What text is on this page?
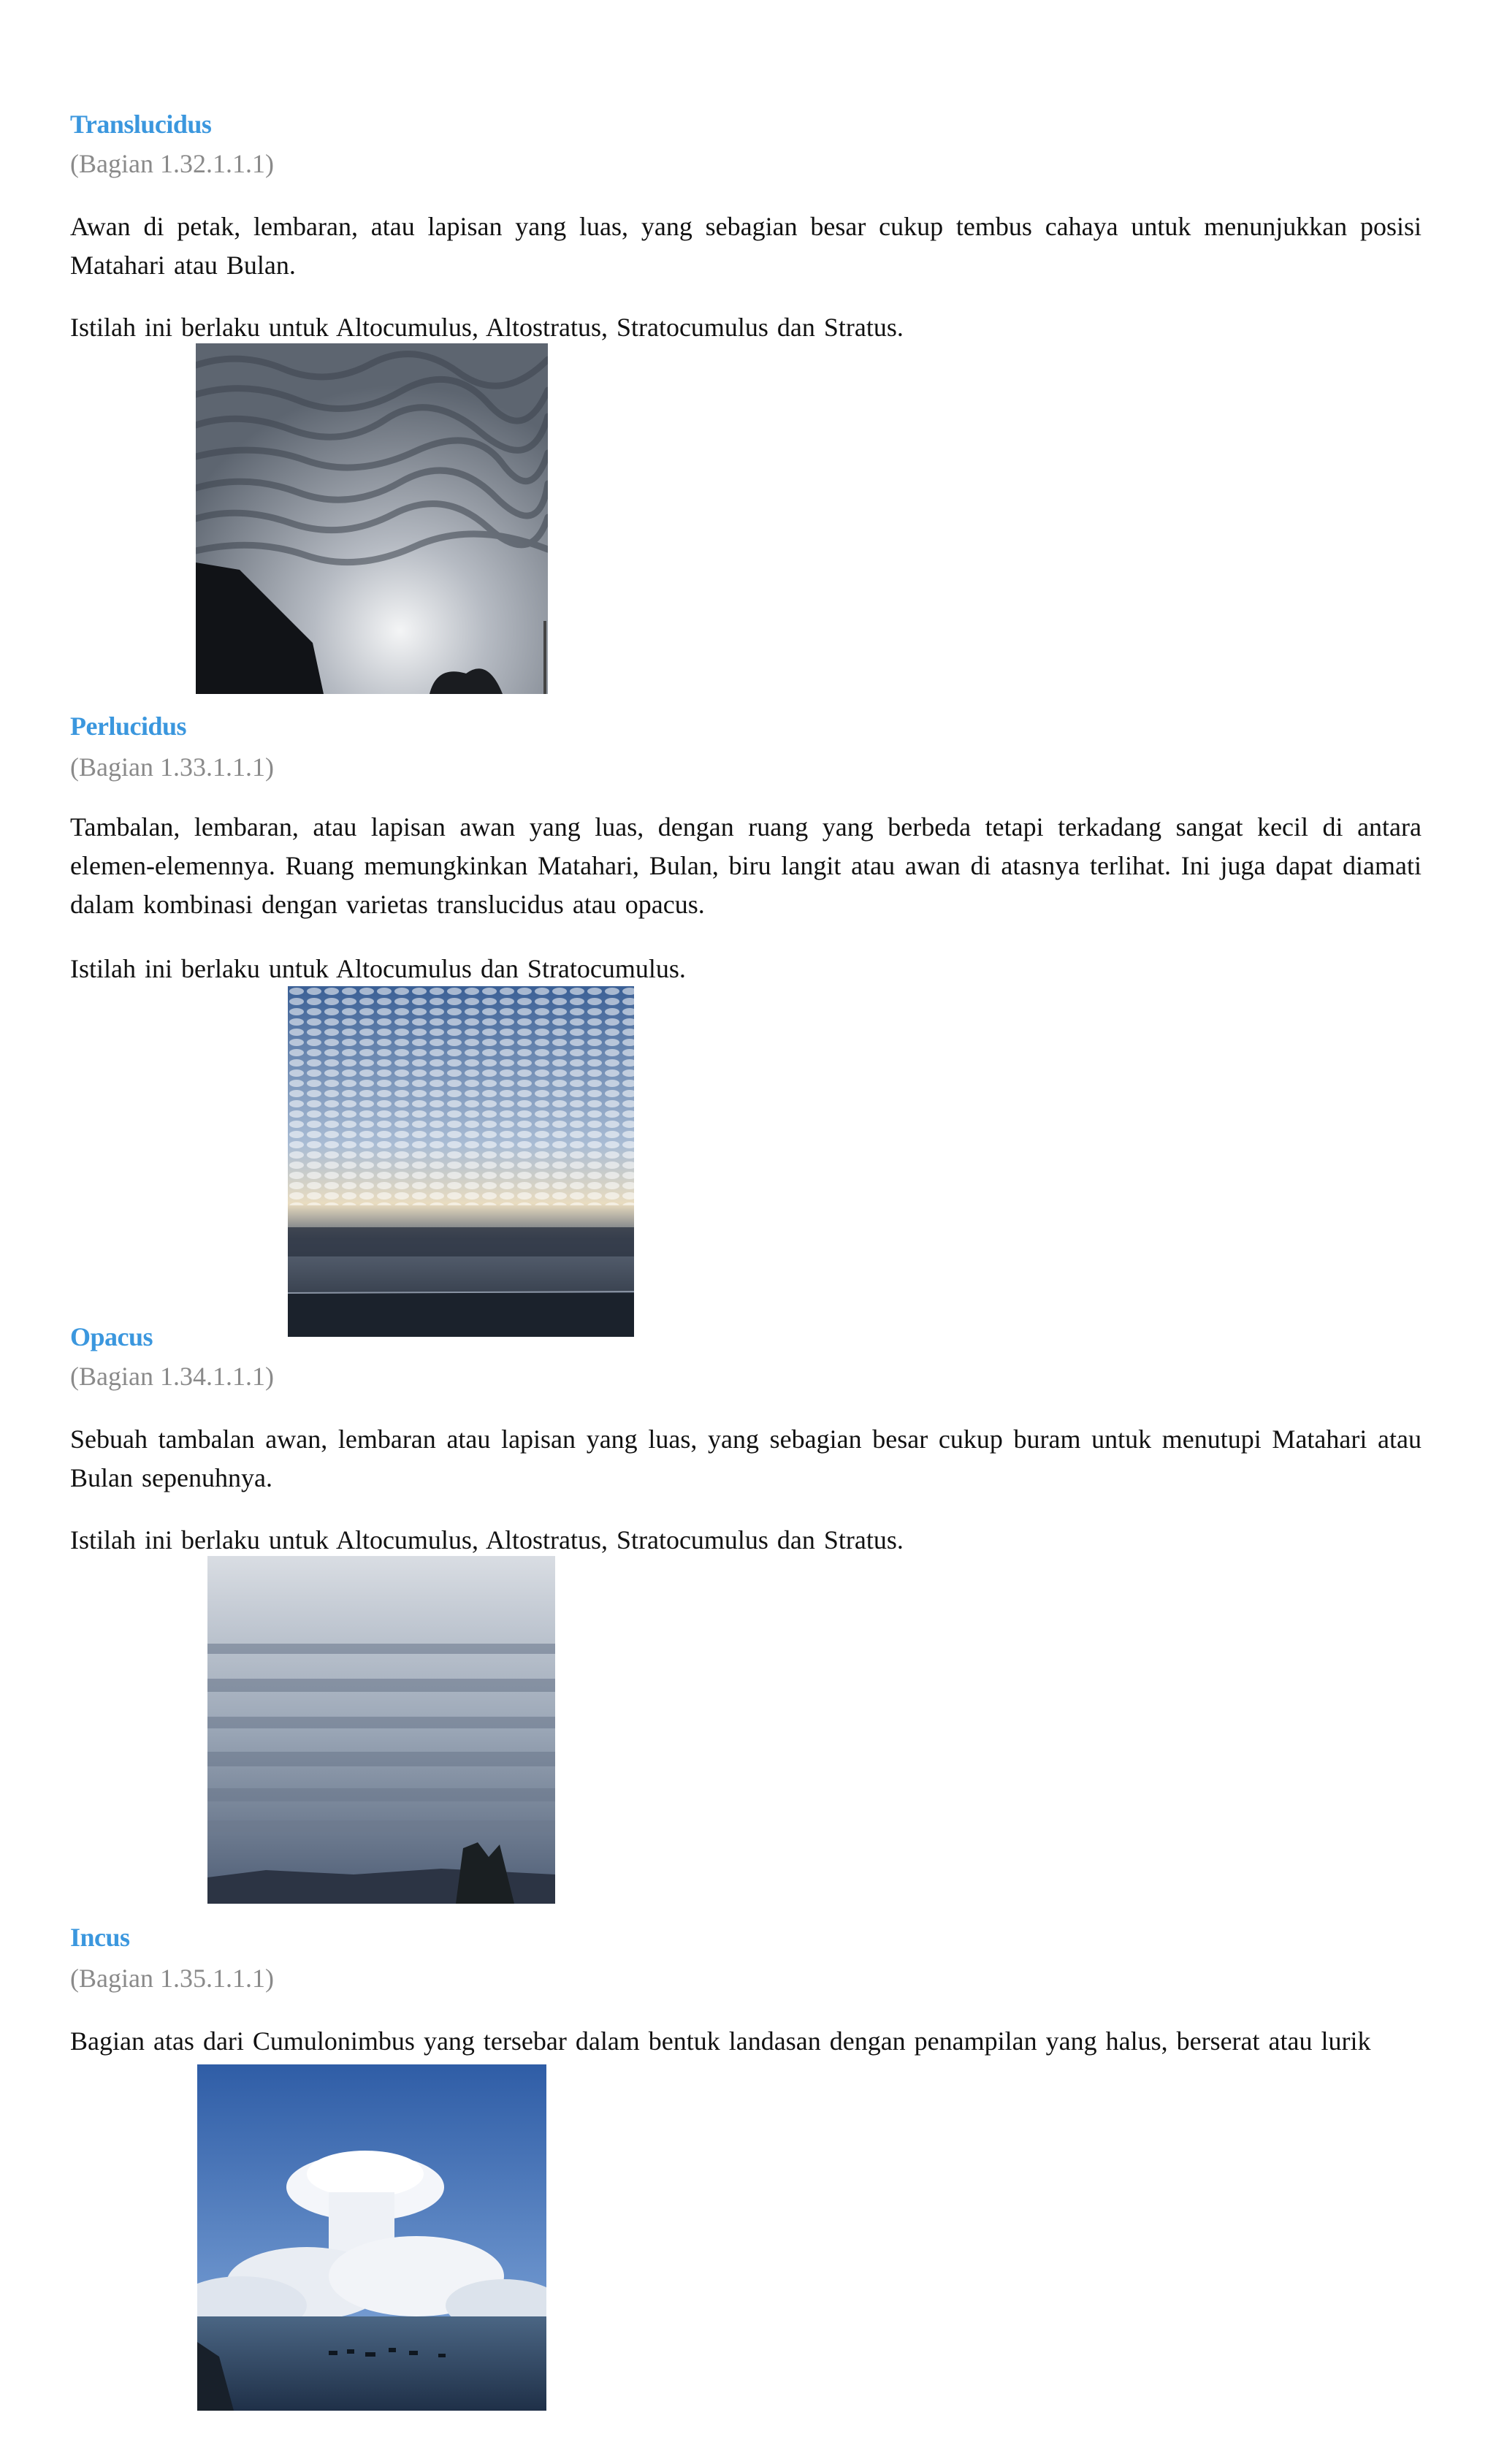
Translucidus
(Bagian 1.32.1.1.1)

Awan di petak, lembaran, atau lapisan yang luas, yang sebagian besar cukup tembus cahaya untuk menunjukkan posisi Matahari atau Bulan.

Istilah ini berlaku untuk Altocumulus, Altostratus, Stratocumulus dan Stratus.

Perlucidus
(Bagian 1.33.1.1.1)

Tambalan, lembaran, atau lapisan awan yang luas, dengan ruang yang berbeda tetapi terkadang sangat kecil di antara elemen-elemennya. Ruang memungkinkan Matahari, Bulan, biru langit atau awan di atasnya terlihat. Ini juga dapat diamati dalam kombinasi dengan varietas translucidus atau opacus.

Istilah ini berlaku untuk Altocumulus dan Stratocumulus.

Opacus
(Bagian 1.34.1.1.1)

Sebuah tambalan awan, lembaran atau lapisan yang luas, yang sebagian besar cukup buram untuk menutupi Matahari atau Bulan sepenuhnya.

Istilah ini berlaku untuk Altocumulus, Altostratus, Stratocumulus dan Stratus.

Incus
(Bagian 1.35.1.1.1)

Bagian atas dari Cumulonimbus yang tersebar dalam bentuk landasan dengan penampilan yang halus, berserat atau lurik
